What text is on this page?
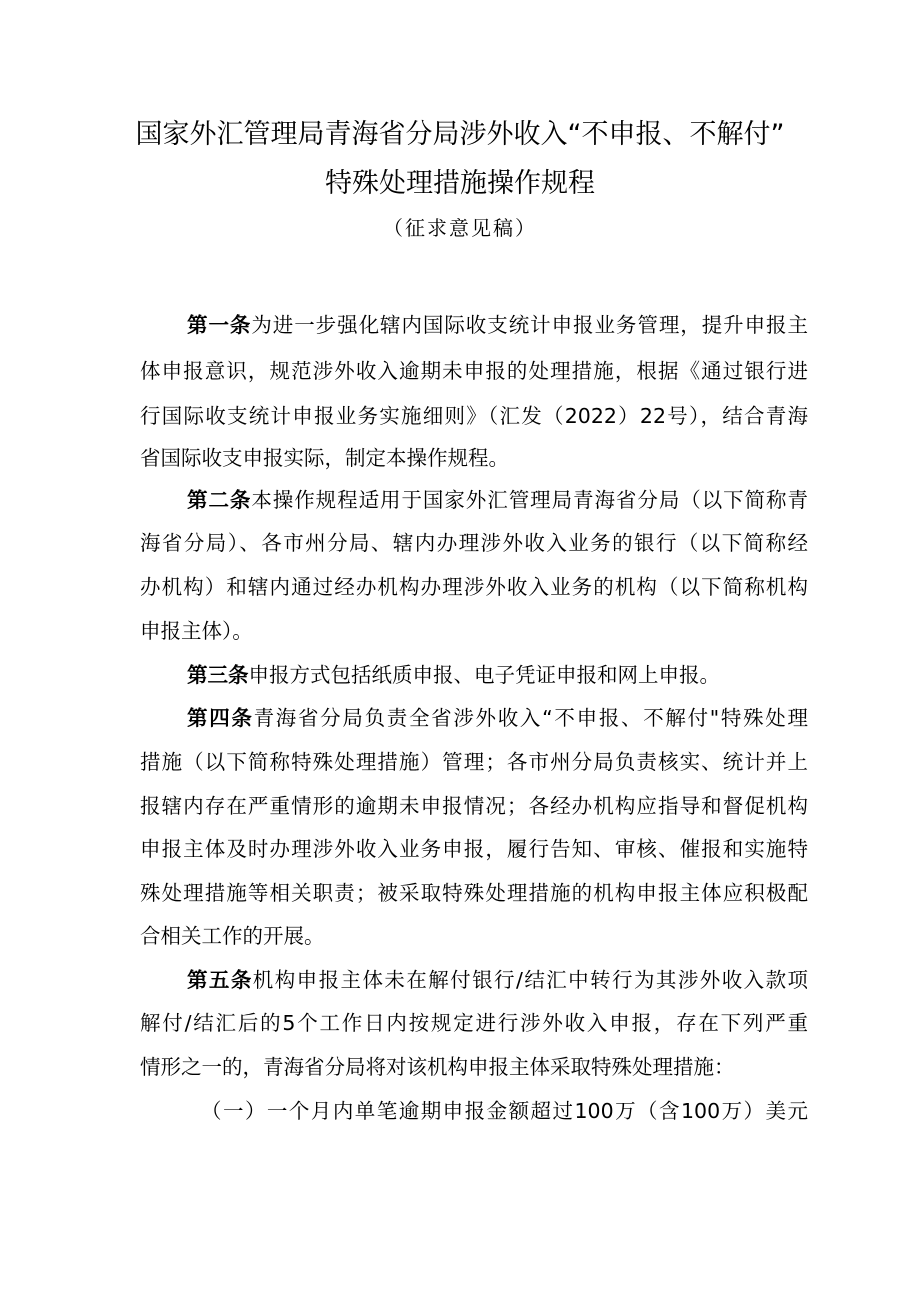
国家外汇管理局青海省分局涉外收入“不申报、不解付”
特殊处理措施操作规程
（征求意见稿）
第一条为进一步强化辖内国际收支统计申报业务管理，提升申报主
体申报意识，规范涉外收入逾期未申报的处理措施，根据《通过银行进
行国际收支统计申报业务实施细则》（汇发（2022）22号），结合青海
省国际收支申报实际，制定本操作规程。
第二条本操作规程适用于国家外汇管理局青海省分局（以下简称青
海省分局）、各市州分局、辖内办理涉外收入业务的银行（以下简称经
办机构）和辖内通过经办机构办理涉外收入业务的机构（以下简称机构
申报主体）。
第三条申报方式包括纸质申报、电子凭证申报和网上申报。
第四条青海省分局负责全省涉外收入“不申报、不解付"特殊处理
措施（以下简称特殊处理措施）管理；各市州分局负责核实、统计并上
报辖内存在严重情形的逾期未申报情况；各经办机构应指导和督促机构
申报主体及时办理涉外收入业务申报，履行告知、审核、催报和实施特
殊处理措施等相关职责；被采取特殊处理措施的机构申报主体应积极配
合相关工作的开展。
第五条机构申报主体未在解付银行/结汇中转行为其涉外收入款项
解付/结汇后的5个工作日内按规定进行涉外收入申报，存在下列严重
情形之一的，青海省分局将对该机构申报主体采取特殊处理措施：
（一）一个月内单笔逾期申报金额超过100万（含100万）美元
